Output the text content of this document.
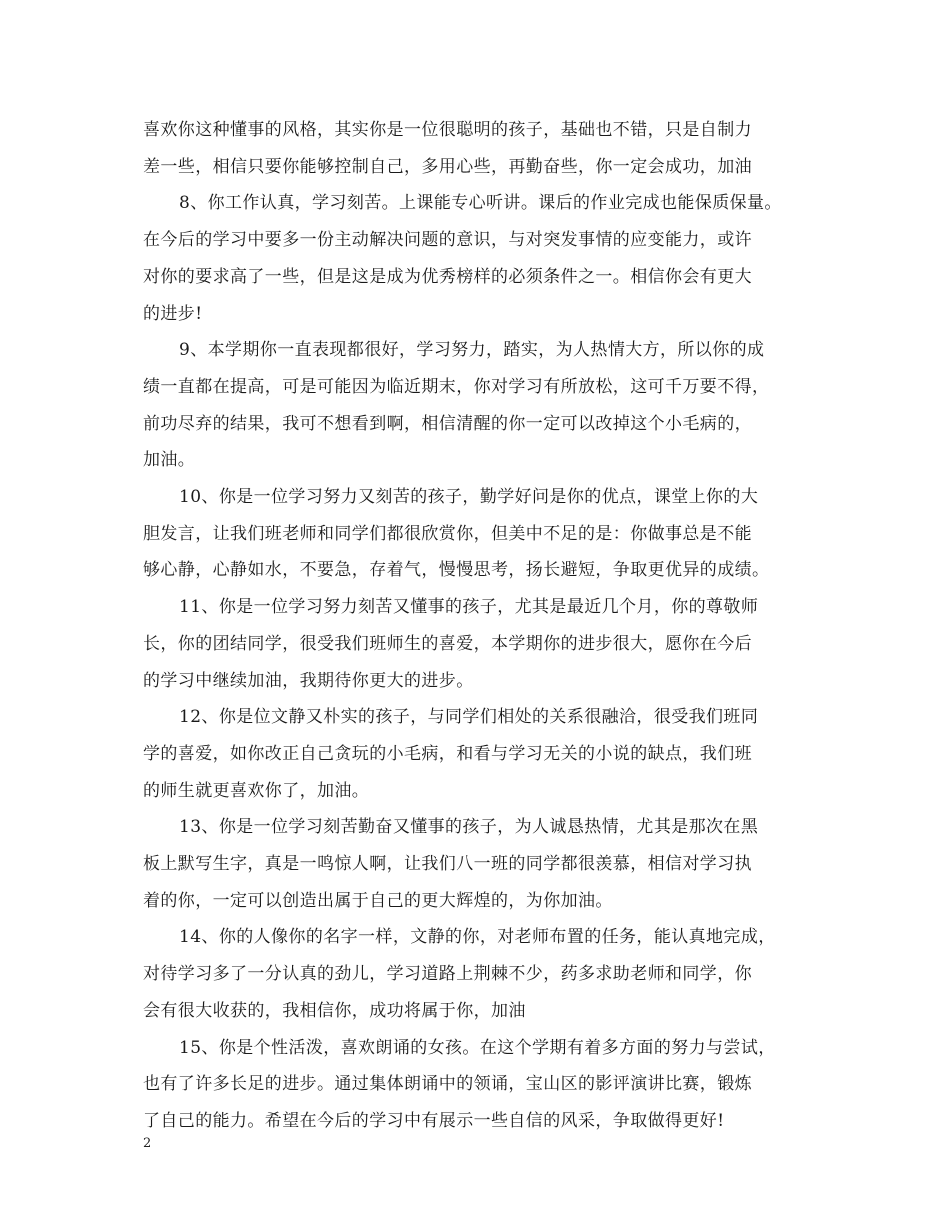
喜欢你这种懂事的风格，其实你是一位很聪明的孩子，基础也不错，只是自制力
差一些，相信只要你能够控制自己，多用心些，再勤奋些，你一定会成功，加油

8、你工作认真，学习刻苦。上课能专心听讲。课后的作业完成也能保质保量。
在今后的学习中要多一份主动解决问题的意识，与对突发事情的应变能力，或许
对你的要求高了一些，但是这是成为优秀榜样的必须条件之一。相信你会有更大
的进步!

9、本学期你一直表现都很好，学习努力，踏实，为人热情大方，所以你的成
绩一直都在提高，可是可能因为临近期末，你对学习有所放松，这可千万要不得，
前功尽弃的结果，我可不想看到啊，相信清醒的你一定可以改掉这个小毛病的，
加油。

10、你是一位学习努力又刻苦的孩子，勤学好问是你的优点，课堂上你的大
胆发言，让我们班老师和同学们都很欣赏你，但美中不足的是：你做事总是不能
够心静，心静如水，不要急，存着气，慢慢思考，扬长避短，争取更优异的成绩。

11、你是一位学习努力刻苦又懂事的孩子，尤其是最近几个月，你的尊敬师
长，你的团结同学，很受我们班师生的喜爱，本学期你的进步很大，愿你在今后
的学习中继续加油，我期待你更大的进步。

12、你是位文静又朴实的孩子，与同学们相处的关系很融洽，很受我们班同
学的喜爱，如你改正自己贪玩的小毛病，和看与学习无关的小说的缺点，我们班
的师生就更喜欢你了，加油。

13、你是一位学习刻苦勤奋又懂事的孩子，为人诚恳热情，尤其是那次在黑
板上默写生字，真是一鸣惊人啊，让我们八一班的同学都很羡慕，相信对学习执
着的你，一定可以创造出属于自己的更大辉煌的，为你加油。

14、你的人像你的名字一样，文静的你，对老师布置的任务，能认真地完成，
对待学习多了一分认真的劲儿，学习道路上荆棘不少，药多求助老师和同学，你
会有很大收获的，我相信你，成功将属于你，加油

15、你是个性活泼，喜欢朗诵的女孩。在这个学期有着多方面的努力与尝试，
也有了许多长足的进步。通过集体朗诵中的领诵，宝山区的影评演讲比赛，锻炼
了自己的能力。希望在今后的学习中有展示一些自信的风采，争取做得更好!

2
